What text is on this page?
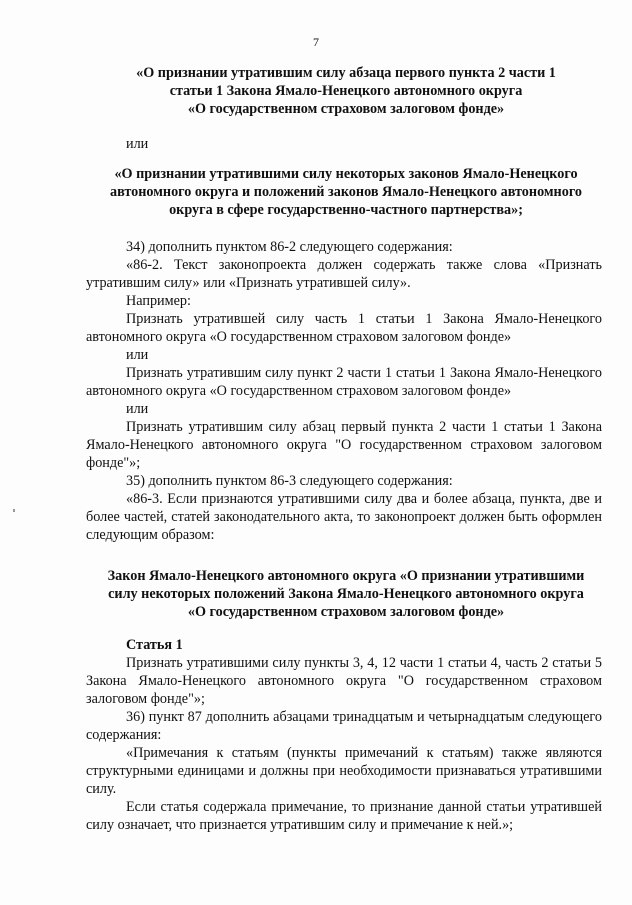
7
«О признании утратившим силу абзаца первого пункта 2 части 1
статьи 1 Закона Ямало-Ненецкого автономного округа
«О государственном страховом залоговом фонде»
или
«О признании утратившими силу некоторых законов Ямало-Ненецкого
автономного округа и положений законов Ямало-Ненецкого автономного
округа в сфере государственно-частного партнерства»;

34) дополнить пунктом 86-2 следующего содержания:

«86-2. Текст законопроекта должен содержать также слова «Признать утратившим силу» или «Признать утратившей силу».

Например:

Признать утратившей силу часть 1 статьи 1 Закона Ямало-Ненецкого автономного округа «О государственном страховом залоговом фонде»

или

Признать утратившим силу пункт 2 части 1 статьи 1 Закона Ямало-Ненецкого автономного округа «О государственном страховом залоговом фонде»

или

Признать утратившим силу абзац первый пункта 2 части 1 статьи 1 Закона Ямало-Ненецкого автономного округа "О государственном страховом залоговом фонде"»;

35) дополнить пунктом 86-3 следующего содержания:

«86-3. Если признаются утратившими силу два и более абзаца, пункта, две и более частей, статей законодательного акта, то законопроект должен быть оформлен следующим образом:

Закон Ямало-Ненецкого автономного округа «О признании утратившими
силу некоторых положений Закона Ямало-Ненецкого автономного округа
«О государственном страховом залоговом фонде»
Статья 1

Признать утратившими силу пункты 3, 4, 12 части 1 статьи 4, часть 2 статьи 5 Закона Ямало-Ненецкого автономного округа "О государственном страховом залоговом фонде"»;

36) пункт 87 дополнить абзацами тринадцатым и четырнадцатым следующего содержания:

«Примечания к статьям (пункты примечаний к статьям) также являются структурными единицами и должны при необходимости признаваться утратившими силу.

Если статья содержала примечание, то признание данной статьи утратившей силу означает, что признается утратившим силу и примечание к ней.»;
